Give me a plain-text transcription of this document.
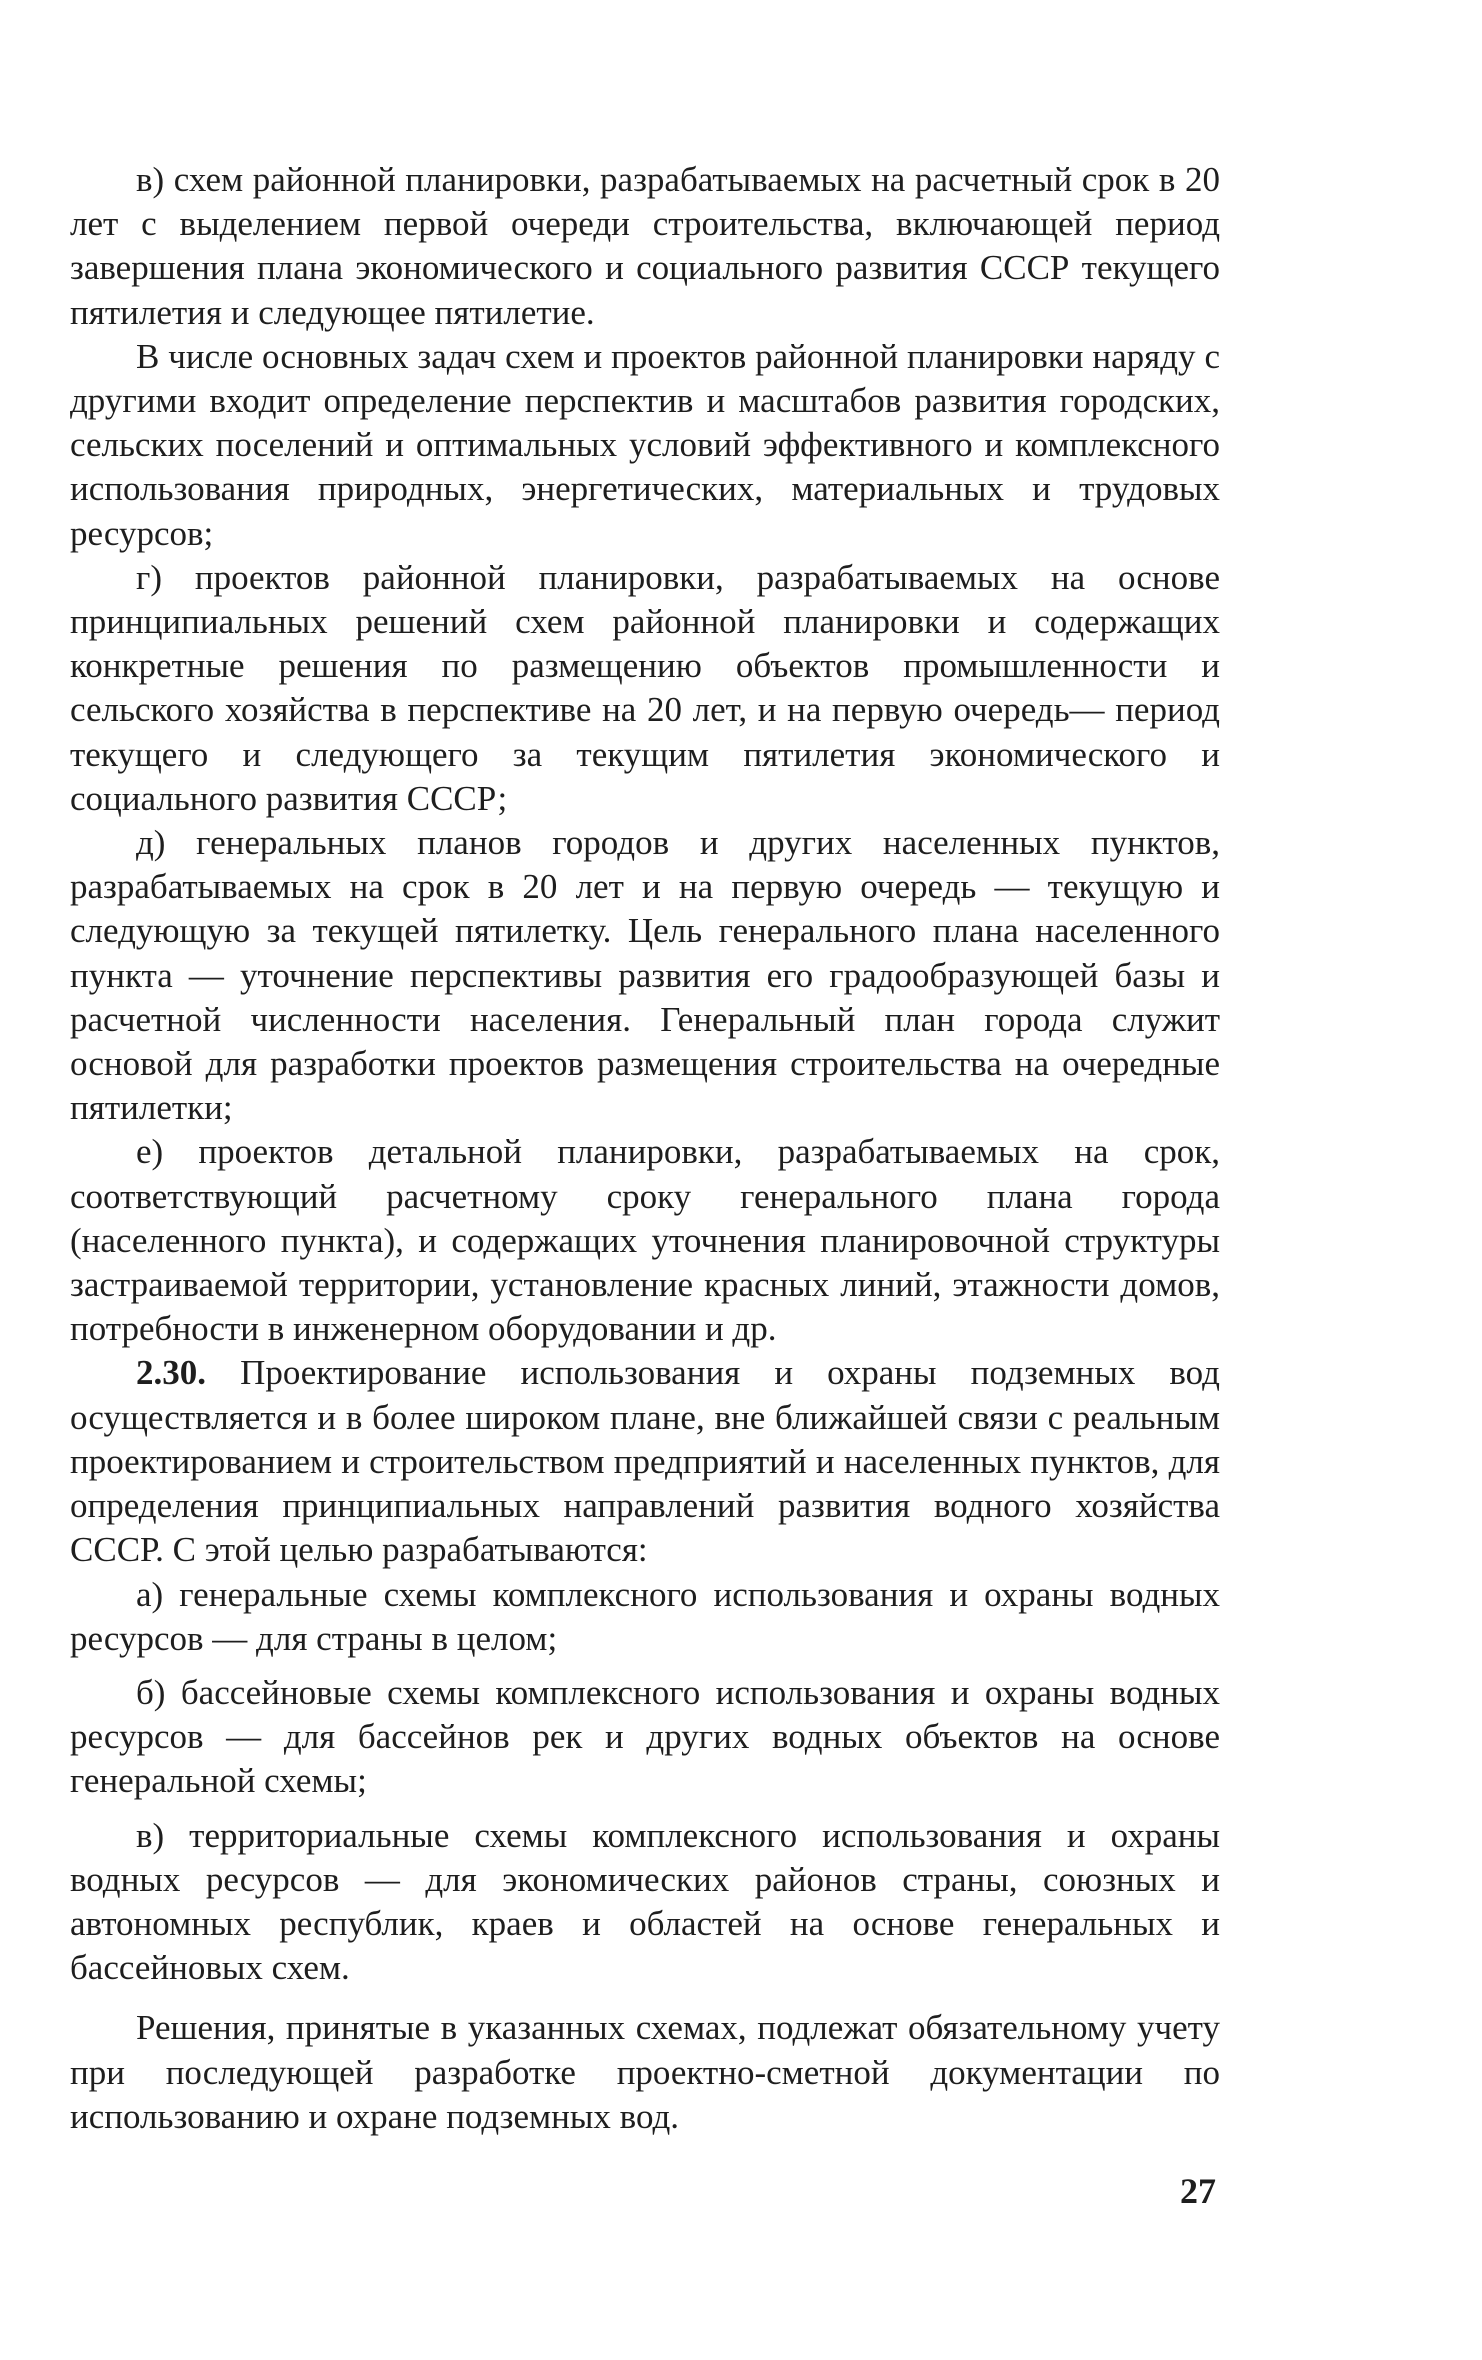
в) схем районной планировки, разрабатываемых на расчетный срок в 20 лет с выделением первой очереди строительства, включающей период завершения плана экономического и социального развития СССР текущего пятилетия и следующее пятилетие.

В числе основных задач схем и проектов районной планировки наряду с другими входит определение перспектив и масштабов развития городских, сельских поселений и оптимальных условий эффективного и комплексного использования природных, энергетических, материальных и трудовых ресурсов;

г) проектов районной планировки, разрабатываемых на основе принципиальных решений схем районной планировки и содержащих конкретные решения по размещению объектов промышленности и сельского хозяйства в перспективе на 20 лет, и на первую очередь— период текущего и следующего за текущим пятилетия экономического и социального развития СССР;

д) генеральных планов городов и других населенных пунктов, разрабатываемых на срок в 20 лет и на первую очередь — текущую и следующую за текущей пятилетку. Цель генерального плана населенного пункта — уточнение перспективы развития его градообразующей базы и расчетной численности населения. Генеральный план города служит основой для разработки проектов размещения строительства на очередные пятилетки;

е) проектов детальной планировки, разрабатываемых на срок, соответствующий расчетному сроку генерального плана города (населенного пункта), и содержащих уточнения планировочной структуры застраиваемой территории, установление красных линий, этажности домов, потребности в инженерном оборудовании и др.

2.30. Проектирование использования и охраны подземных вод осуществляется и в более широком плане, вне ближайшей связи с реальным проектированием и строительством предприятий и населенных пунктов, для определения принципиальных направлений развития водного хозяйства СССР. С этой целью разрабатываются:

а) генеральные схемы комплексного использования и охраны водных ресурсов — для страны в целом;

б) бассейновые схемы комплексного использования и охраны водных ресурсов — для бассейнов рек и других водных объектов на основе генеральной схемы;

в) территориальные схемы комплексного использования и охраны водных ресурсов — для экономических районов страны, союзных и автономных республик, краев и областей на основе генеральных и бассейновых схем.

Решения, принятые в указанных схемах, подлежат обязательному учету при последующей разработке проектно-сметной документации по использованию и охране подземных вод.

27
